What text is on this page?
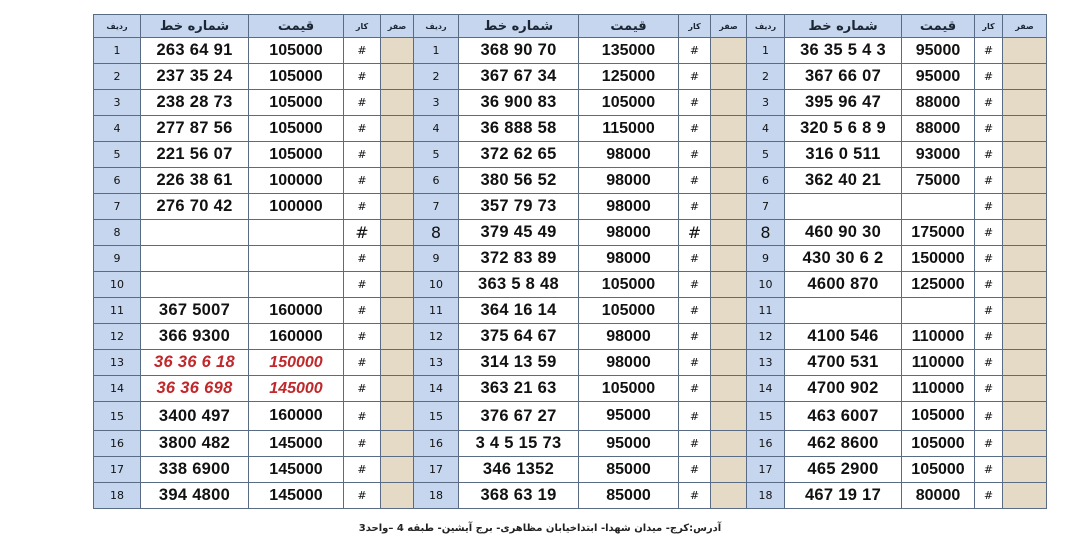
ردیف	شماره خط	قیمت	کار	صفر	ردیف	شماره خط	قیمت	کار	صفر	ردیف	شماره خط	قیمت	کار	صفر
1	263 64 91	105000	#		1	368 90 70	135000	#		1	36 35 5 4 3	95000	#	
2	237 35 24	105000	#		2	367 67 34	125000	#		2	367 66 07	95000	#	
3	238 28 73	105000	#		3	36 900 83	105000	#		3	395 96 47	88000	#	
4	277 87 56	105000	#		4	36 888 58	115000	#		4	320 5 6 8 9	88000	#	
5	221 56 07	105000	#		5	372 62 65	98000	#		5	316 0 511	93000	#	
6	226 38 61	100000	#		6	380 56 52	98000	#		6	362 40 21	75000	#	
7	276 70 42	100000	#		7	357 79 73	98000	#		7			#	
8			#		8	379 45 49	98000	#		8	460 90 30	175000	#	
9			#		9	372 83 89	98000	#		9	430 30 6 2	150000	#	
10			#		10	363 5 8 48	105000	#		10	4600 870	125000	#	
11	367 5007	160000	#		11	364 16 14	105000	#		11			#	
12	366 9300	160000	#		12	375 64 67	98000	#		12	4100 546	110000	#	
13	36 36 6 18	150000	#		13	314 13 59	98000	#		13	4700 531	110000	#	
14	36 36 698	145000	#		14	363 21 63	105000	#		14	4700 902	110000	#	
15	3400 497	160000	#		15	376 67 27	95000	#		15	463 6007	105000	#	
16	3800 482	145000	#		16	3 4 5 15 73	95000	#		16	462 8600	105000	#	
17	338 6900	145000	#		17	346 1352	85000	#		17	465 2900	105000	#	
18	394 4800	145000	#		18	368 63 19	85000	#		18	467 19 17	80000	#	
آدرس:کرج- میدان شهدا- ابتداخیابان مظاهری- برج آیشین- طبقه 4 –واحد3
